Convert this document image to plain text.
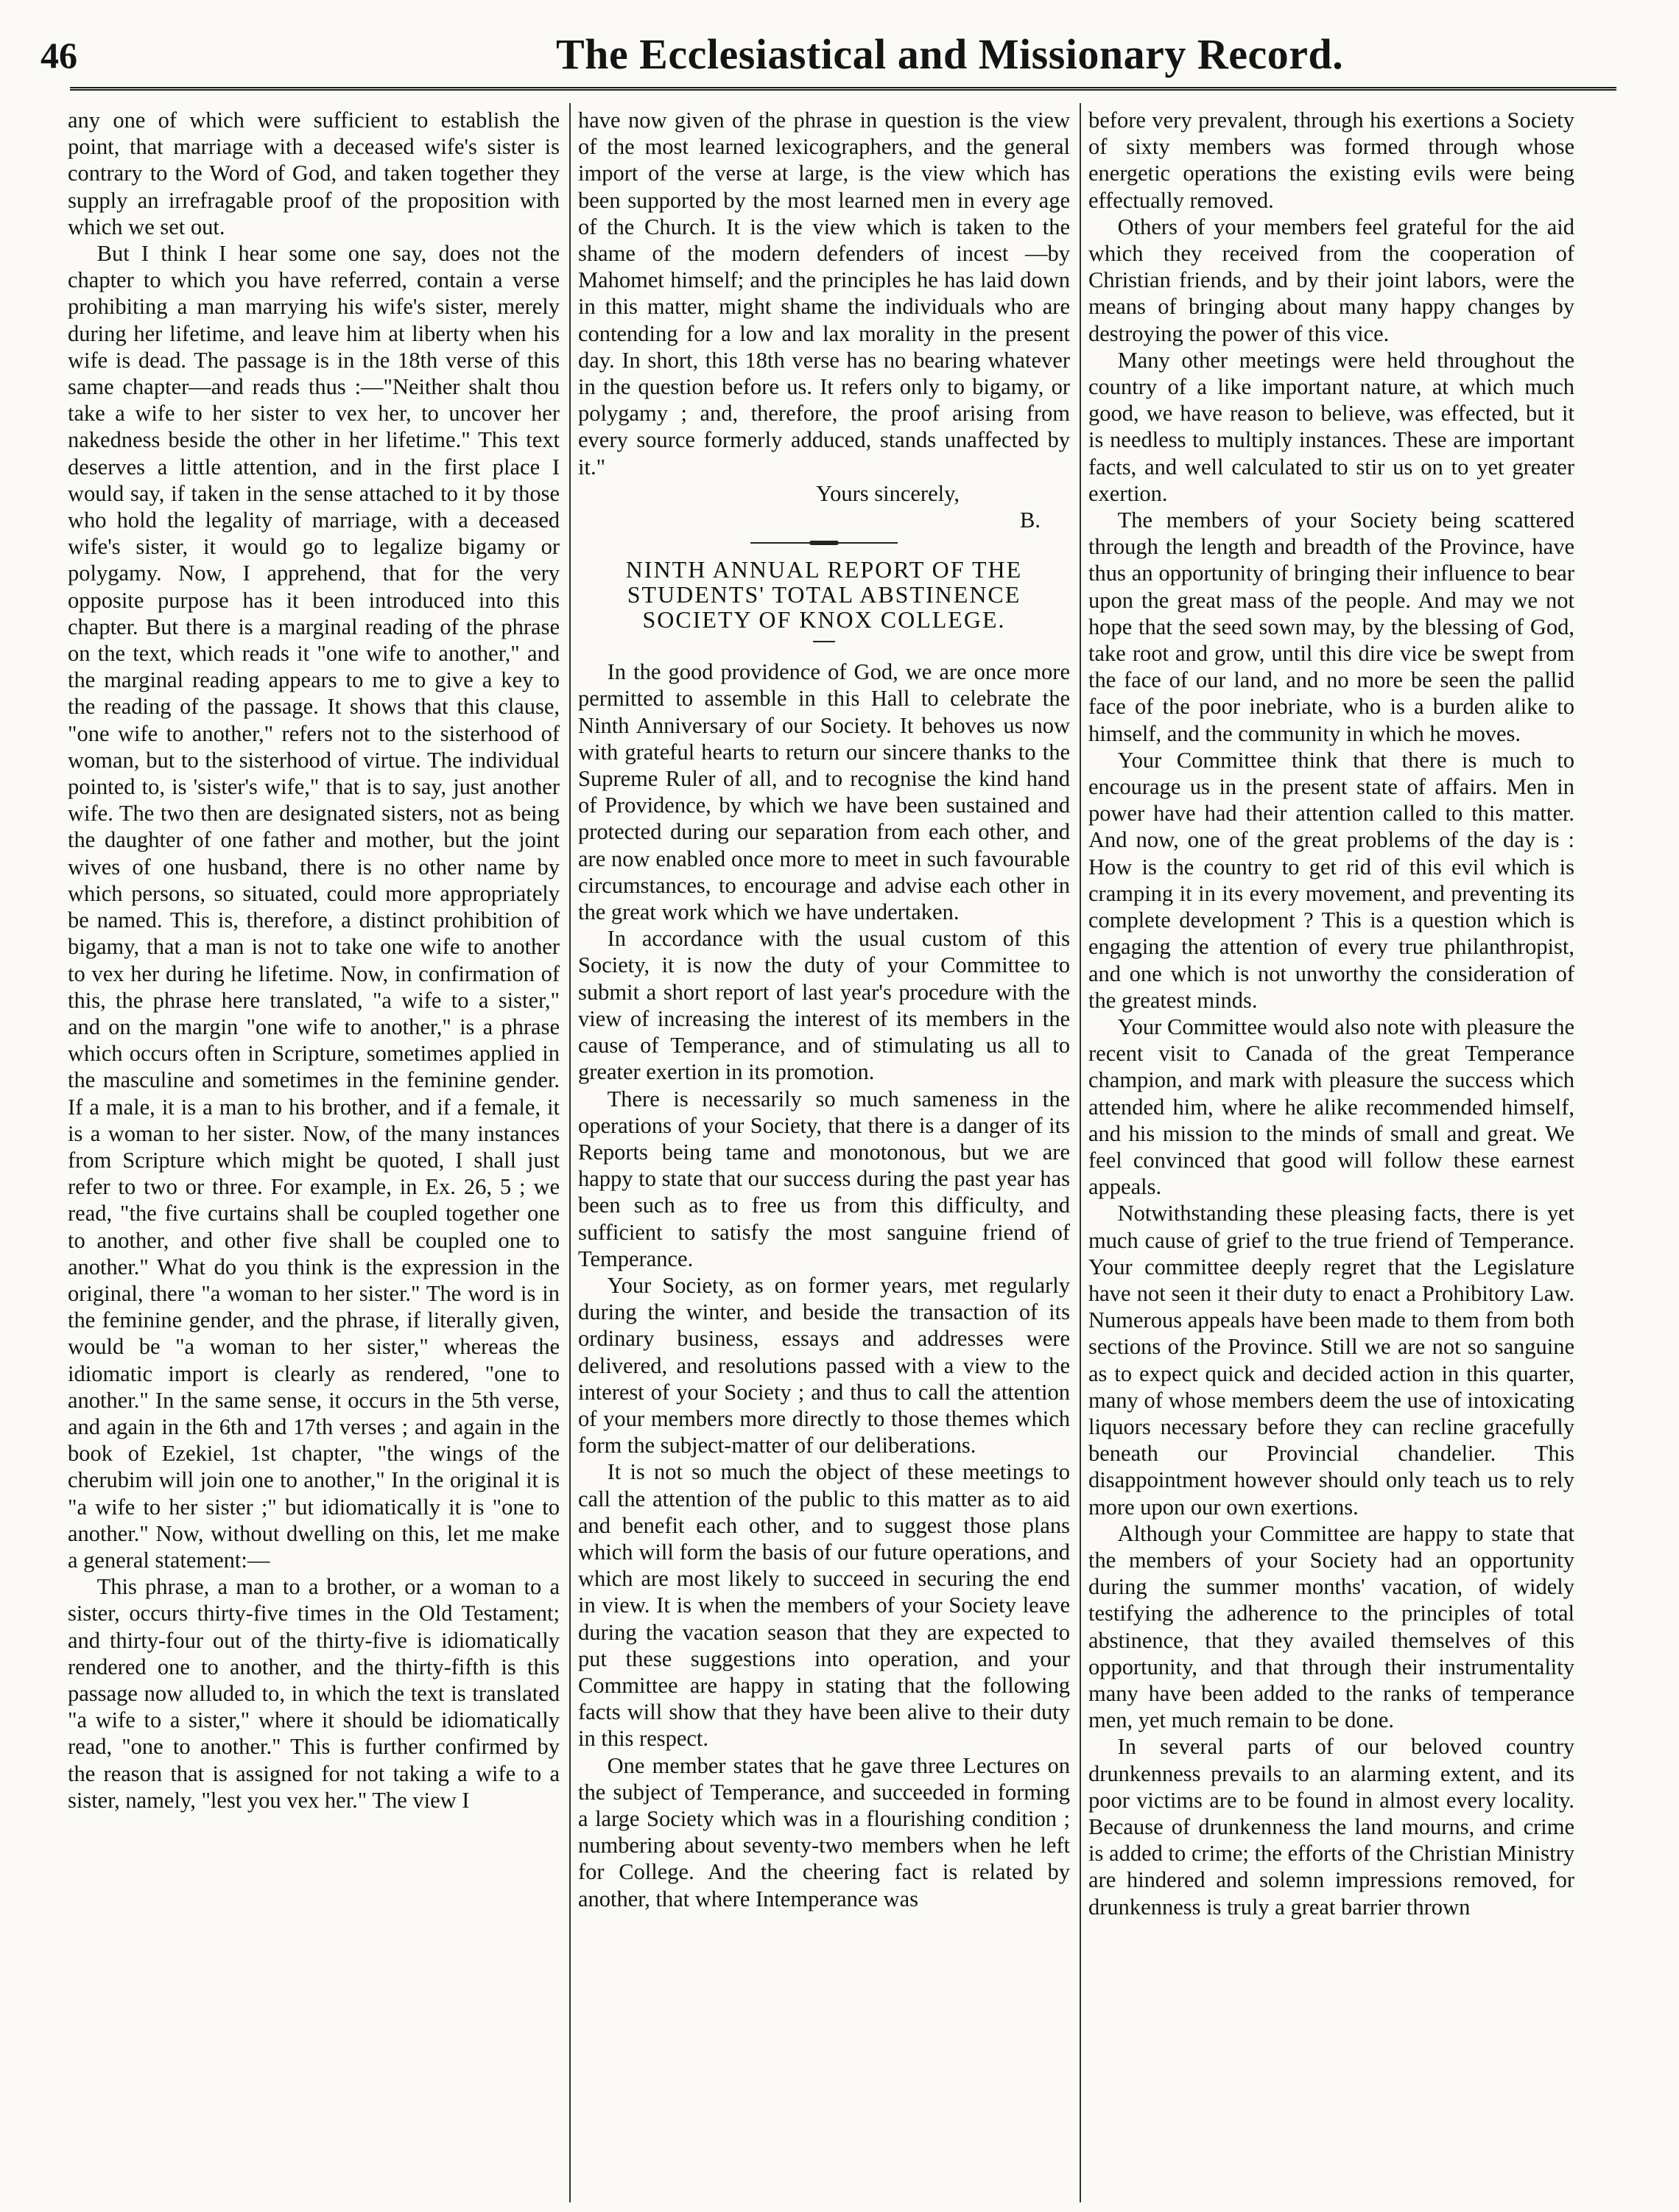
46	The Ecclesiastical and Missionary Record.

any one of which were sufficient to establish the point, that marriage with a deceased wife's sister is contrary to the Word of God, and taken together they supply an irrefragable proof of the proposition with which we set out.

But I think I hear some one say, does not the chapter to which you have referred, contain a verse prohibiting a man marrying his wife's sister, merely during her lifetime, and leave him at liberty when his wife is dead. The passage is in the 18th verse of this same chapter—and reads thus :—"Neither shalt thou take a wife to her sister to vex her, to uncover her nakedness beside the other in her lifetime." This text deserves a little attention, and in the first place I would say, if taken in the sense attached to it by those who hold the legality of marriage, with a deceased wife's sister, it would go to legalize bigamy or polygamy. Now, I apprehend, that for the very opposite purpose has it been introduced into this chapter. But there is a marginal reading of the phrase on the text, which reads it "one wife to another," and the marginal reading appears to me to give a key to the reading of the passage. It shows that this clause, "one wife to another," refers not to the sisterhood of woman, but to the sisterhood of virtue. The individual pointed to, is 'sister's wife," that is to say, just another wife. The two then are designated sisters, not as being the daughter of one father and mother, but the joint wives of one husband, there is no other name by which persons, so situated, could more appropriately be named. This is, therefore, a distinct prohibition of bigamy, that a man is not to take one wife to another to vex her during he lifetime. Now, in confirmation of this, the phrase here translated, "a wife to a sister," and on the margin "one wife to another," is a phrase which occurs often in Scripture, sometimes applied in the masculine and sometimes in the feminine gender. If a male, it is a man to his brother, and if a female, it is a woman to her sister. Now, of the many instances from Scripture which might be quoted, I shall just refer to two or three. For example, in Ex. 26, 5 ; we read, "the five curtains shall be coupled together one to another, and other five shall be coupled one to another." What do you think is the expression in the original, there "a woman to her sister." The word is in the feminine gender, and the phrase, if literally given, would be "a woman to her sister," whereas the idiomatic import is clearly as rendered, "one to another." In the same sense, it occurs in the 5th verse, and again in the 6th and 17th verses ; and again in the book of Ezekiel, 1st chapter, "the wings of the cherubim will join one to another," In the original it is "a wife to her sister ;" but idiomatically it is "one to another." Now, without dwelling on this, let me make a general statement:—

This phrase, a man to a brother, or a woman to a sister, occurs thirty-five times in the Old Testament; and thirty-four out of the thirty-five is idiomatically rendered one to another, and the thirty-fifth is this passage now alluded to, in which the text is translated "a wife to a sister," where it should be idiomatically read, "one to another." This is further confirmed by the reason that is assigned for not taking a wife to a sister, namely, "lest you vex her." The view I

have now given of the phrase in question is the view of the most learned lexicographers, and the general import of the verse at large, is the view which has been supported by the most learned men in every age of the Church. It is the view which is taken to the shame of the modern defenders of incest —by Mahomet himself; and the principles he has laid down in this matter, might shame the individuals who are contending for a low and lax morality in the present day. In short, this 18th verse has no bearing whatever in the question before us. It refers only to bigamy, or polygamy ; and, therefore, the proof arising from every source formerly adduced, stands unaffected by it."

Yours sincerely,

B.

NINTH ANNUAL REPORT OF THE STUDENTS' TOTAL ABSTINENCE SOCIETY OF KNOX COLLEGE.

In the good providence of God, we are once more permitted to assemble in this Hall to celebrate the Ninth Anniversary of our Society. It behoves us now with grateful hearts to return our sincere thanks to the Supreme Ruler of all, and to recognise the kind hand of Providence, by which we have been sustained and protected during our separation from each other, and are now enabled once more to meet in such favourable circumstances, to encourage and advise each other in the great work which we have undertaken.

In accordance with the usual custom of this Society, it is now the duty of your Committee to submit a short report of last year's procedure with the view of increasing the interest of its members in the cause of Temperance, and of stimulating us all to greater exertion in its promotion.

There is necessarily so much sameness in the operations of your Society, that there is a danger of its Reports being tame and monotonous, but we are happy to state that our success during the past year has been such as to free us from this difficulty, and sufficient to satisfy the most sanguine friend of Temperance.

Your Society, as on former years, met regularly during the winter, and beside the transaction of its ordinary business, essays and addresses were delivered, and resolutions passed with a view to the interest of your Society ; and thus to call the attention of your members more directly to those themes which form the subject-matter of our deliberations.

It is not so much the object of these meetings to call the attention of the public to this matter as to aid and benefit each other, and to suggest those plans which will form the basis of our future operations, and which are most likely to succeed in securing the end in view. It is when the members of your Society leave during the vacation season that they are expected to put these suggestions into operation, and your Committee are happy in stating that the following facts will show that they have been alive to their duty in this respect.

One member states that he gave three Lectures on the subject of Temperance, and succeeded in forming a large Society which was in a flourishing condition ; numbering about seventy-two members when he left for College. And the cheering fact is related by another, that where Intemperance was

before very prevalent, through his exertions a Society of sixty members was formed through whose energetic operations the existing evils were being effectually removed.

Others of your members feel grateful for the aid which they received from the cooperation of Christian friends, and by their joint labors, were the means of bringing about many happy changes by destroying the power of this vice.

Many other meetings were held throughout the country of a like important nature, at which much good, we have reason to believe, was effected, but it is needless to multiply instances. These are important facts, and well calculated to stir us on to yet greater exertion.

The members of your Society being scattered through the length and breadth of the Province, have thus an opportunity of bringing their influence to bear upon the great mass of the people. And may we not hope that the seed sown may, by the blessing of God, take root and grow, until this dire vice be swept from the face of our land, and no more be seen the pallid face of the poor inebriate, who is a burden alike to himself, and the community in which he moves.

Your Committee think that there is much to encourage us in the present state of affairs. Men in power have had their attention called to this matter. And now, one of the great problems of the day is : How is the country to get rid of this evil which is cramping it in its every movement, and preventing its complete development ? This is a question which is engaging the attention of every true philanthropist, and one which is not unworthy the consideration of the greatest minds.

Your Committee would also note with pleasure the recent visit to Canada of the great Temperance champion, and mark with pleasure the success which attended him, where he alike recommended himself, and his mission to the minds of small and great. We feel convinced that good will follow these earnest appeals.

Notwithstanding these pleasing facts, there is yet much cause of grief to the true friend of Temperance. Your committee deeply regret that the Legislature have not seen it their duty to enact a Prohibitory Law. Numerous appeals have been made to them from both sections of the Province. Still we are not so sanguine as to expect quick and decided action in this quarter, many of whose members deem the use of intoxicating liquors necessary before they can recline gracefully beneath our Provincial chandelier. This disappointment however should only teach us to rely more upon our own exertions.

Although your Committee are happy to state that the members of your Society had an opportunity during the summer months' vacation, of widely testifying the adherence to the principles of total abstinence, that they availed themselves of this opportunity, and that through their instrumentality many have been added to the ranks of temperance men, yet much remain to be done.

In several parts of our beloved country drunkenness prevails to an alarming extent, and its poor victims are to be found in almost every locality. Because of drunkenness the land mourns, and crime is added to crime; the efforts of the Christian Ministry are hindered and solemn impressions removed, for drunkenness is truly a great barrier thrown
